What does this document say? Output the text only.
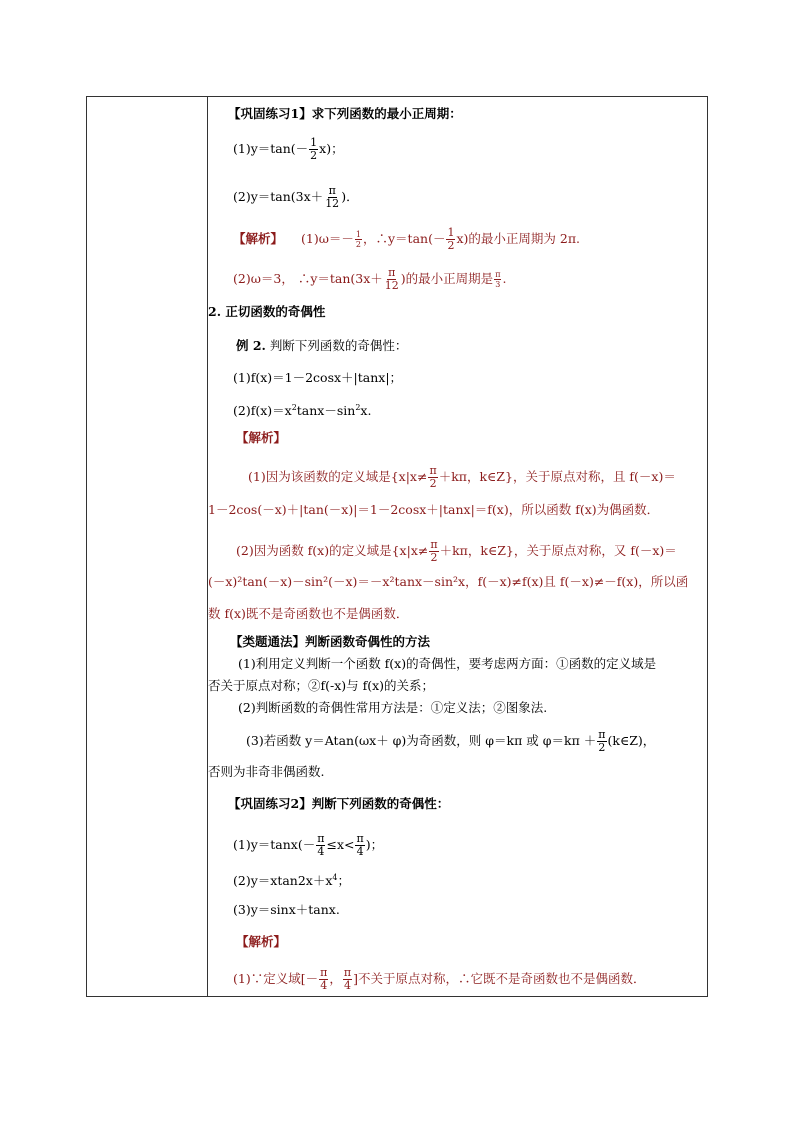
【巩固练习1】求下列函数的最小正周期：
$(1)y=\tan(- \frac{1}{2} x)$；
$(2)y=\tan(3x+ \frac{\pi}{12}$ )．
【解析】 $(1)\omega=- \frac{1}{2}$ ，∴y＝tan(－ $\frac{1}{2} x$)的最小正周期为 2π.
(2)ω＝3， ∴y＝tan(3x＋ $\frac{\pi}{12}$ )的最小正周期是 $\frac{\pi}{3}$ .
2. 正切函数的奇偶性
例 2. 判断下列函数的奇偶性：
(1)f(x)＝1－2cosx＋|tanx|；
$(2)f(x)=x^2\tan x-\sin^2x$.
【解析】
(1)因为该函数的定义域是{$x|x\ne \frac{\pi}{2} +k\pi$，k∈Z}，关于原点对称，且 f(－x)＝
1－2cos(－x)＋|tan(－x)|＝1－2cosx＋|tanx|＝f(x)，所以函数 f(x)为偶函数．
(2)因为函数 f(x)的定义域是{$x|x\ne \frac{\pi}{2} +k\pi$，k∈Z}，关于原点对称，又 f(－x)＝
(－x)²tan(－x)－sin²(－x)＝－x²tanx－sin²x，f(－x)≠f(x)且 f(－x)≠－f(x)，所以函
数 f(x)既不是奇函数也不是偶函数．
【类题通法】判断函数奇偶性的方法
(1)利用定义判断一个函数 f(x)的奇偶性，要考虑两方面：①函数的定义域是
否关于原点对称；②f(-x)与 f(x)的关系；
(2)判断函数的奇偶性常用方法是：①定义法；②图象法.
(3)若函数 y＝Atan(ωx＋ φ)为奇函数，则 φ＝kπ 或 $\varphi=k\pi + \frac{\pi}{2}$ (k∈Z)，
否则为非奇非偶函数.
【巩固练习2】判断下列函数的奇偶性：
$(1)y=\tan x(- \frac{\pi}{4} \le x< \frac{\pi}{4}$ )；
$(2)y=xtan2x+x^4$；
(3)y＝sinx＋tanx.
【解析】
(1)∵定义域[－ $\frac{\pi}{4}$ ， $\frac{\pi}{4}$ ]不关于原点对称，∴它既不是奇函数也不是偶函数．
